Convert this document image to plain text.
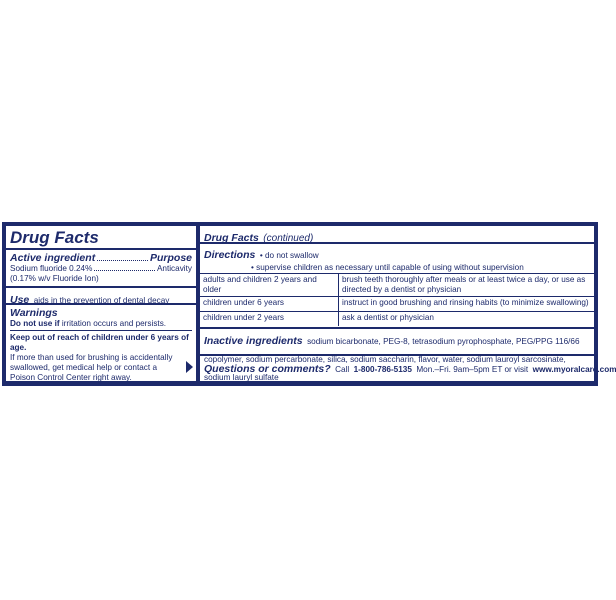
Drug Facts
Active ingredient	Purpose
Sodium fluoride 0.24%	Anticavity
(0.17% w/v Fluoride Ion)
Use aids in the prevention of dental decay
Warnings
Do not use if irritation occurs and persists.
Keep out of reach of children under 6 years of age.
If more than used for brushing is accidentally swallowed, get medical help or contact a Poison Control Center right away.
Drug Facts (continued)
Directions • do not swallow
• supervise children as necessary until capable of using without supervision
adults and children 2 years and older	brush teeth thoroughly after meals or at least twice a day, or use as directed by a dentist or physician
children under 6 years	instruct in good brushing and rinsing habits (to minimize swallowing)
children under 2 years	ask a dentist or physician
Inactive ingredients sodium bicarbonate, PEG-8, tetrasodium pyrophosphate, PEG/PPG 116/66 copolymer, sodium percarbonate, silica, sodium saccharin, flavor, water, sodium lauroyl sarcosinate, sodium lauryl sulfate
Questions or comments? Call 1-800-786-5135 Mon.–Fri. 9am–5pm ET or visit www.myoralcare.com
